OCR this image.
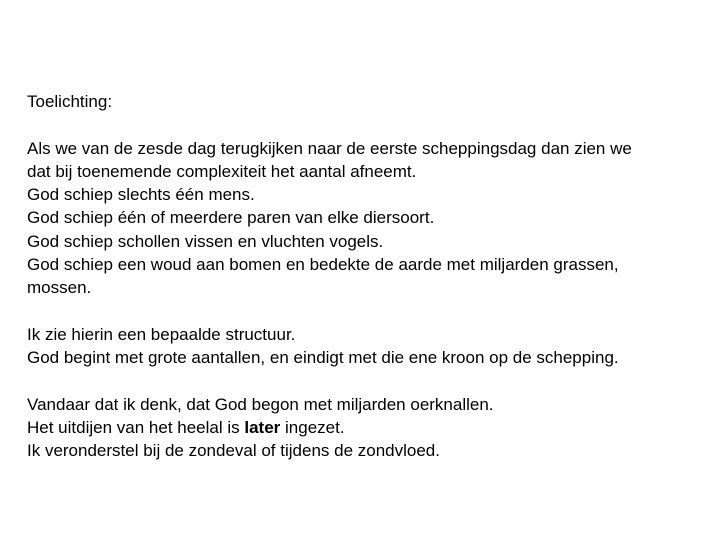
Toelichting:
Als we van de zesde dag terugkijken naar de eerste scheppingsdag dan zien we
dat bij toenemende complexiteit het aantal afneemt.
God schiep slechts één mens.
God schiep één of meerdere paren van elke diersoort.
God schiep schollen vissen en vluchten vogels.
God schiep een woud aan bomen en bedekte de aarde met miljarden grassen,
mossen.
Ik zie hierin een bepaalde structuur.
God begint met grote aantallen, en eindigt met die ene kroon op de schepping.
Vandaar dat ik denk, dat God begon met miljarden oerknallen.
Het uitdijen van het heelal is later ingezet.
Ik veronderstel bij de zondeval of tijdens de zondvloed.
